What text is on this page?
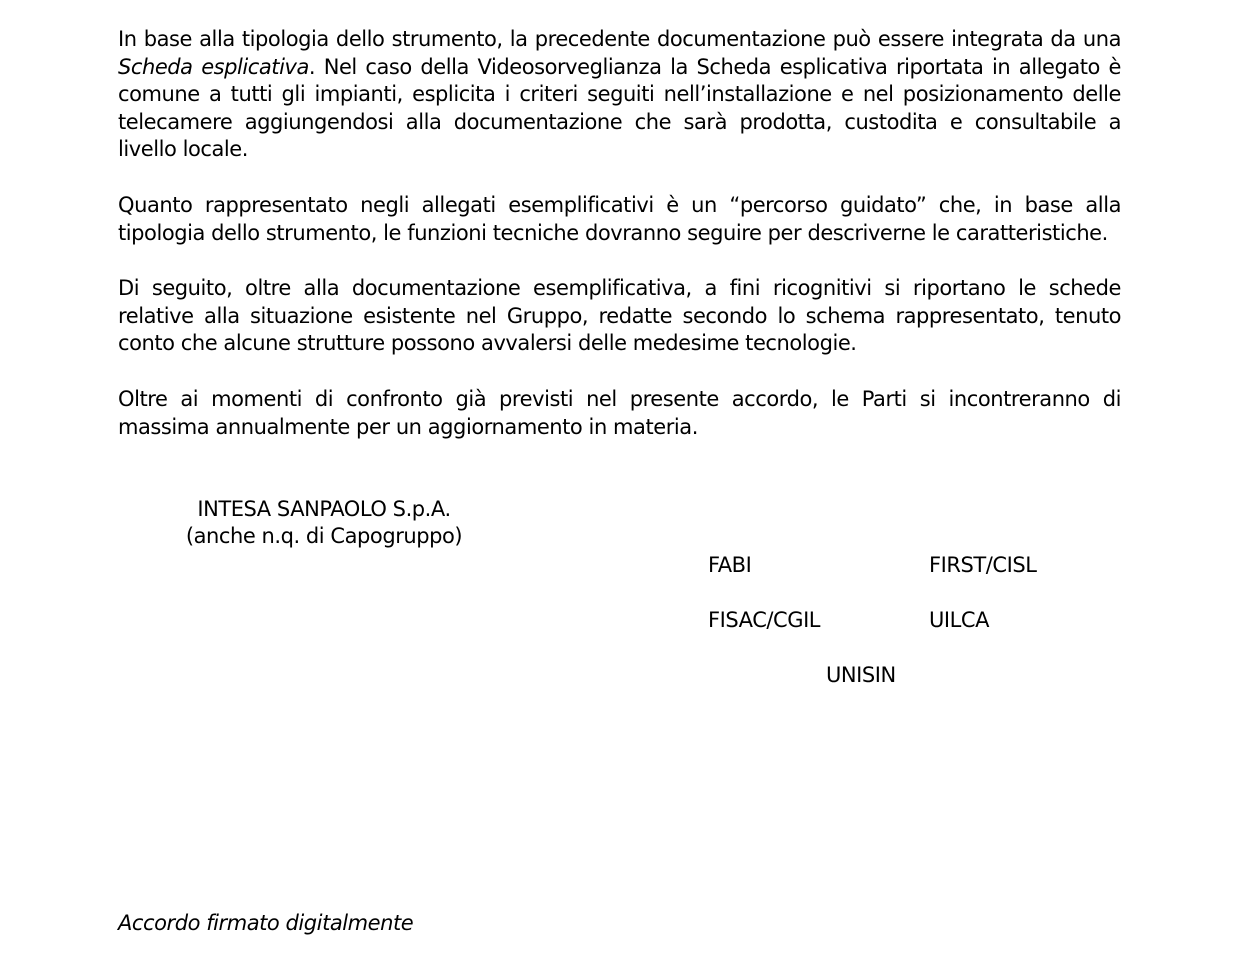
In base alla tipologia dello strumento, la precedente documentazione può essere integrata da una Scheda esplicativa. Nel caso della Videosorveglianza la Scheda esplicativa riportata in allegato è comune a tutti gli impianti, esplicita i criteri seguiti nell’installazione e nel posizionamento delle telecamere aggiungendosi alla documentazione che sarà prodotta, custodita e consultabile a livello locale.

Quanto rappresentato negli allegati esemplificativi è un “percorso guidato” che, in base alla tipologia dello strumento, le funzioni tecniche dovranno seguire per descriverne le caratteristiche.

Di seguito, oltre alla documentazione esemplificativa, a fini ricognitivi si riportano le schede relative alla situazione esistente nel Gruppo, redatte secondo lo schema rappresentato, tenuto conto che alcune strutture possono avvalersi delle medesime tecnologie.

Oltre ai momenti di confronto già previsti nel presente accordo, le Parti si incontreranno di massima annualmente per un aggiornamento in materia.

INTESA SANPAOLO S.p.A.
(anche n.q. di Capogruppo)
FABI	FIRST/CISL
FISAC/CGIL	UILCA
UNISIN
Accordo firmato digitalmente
